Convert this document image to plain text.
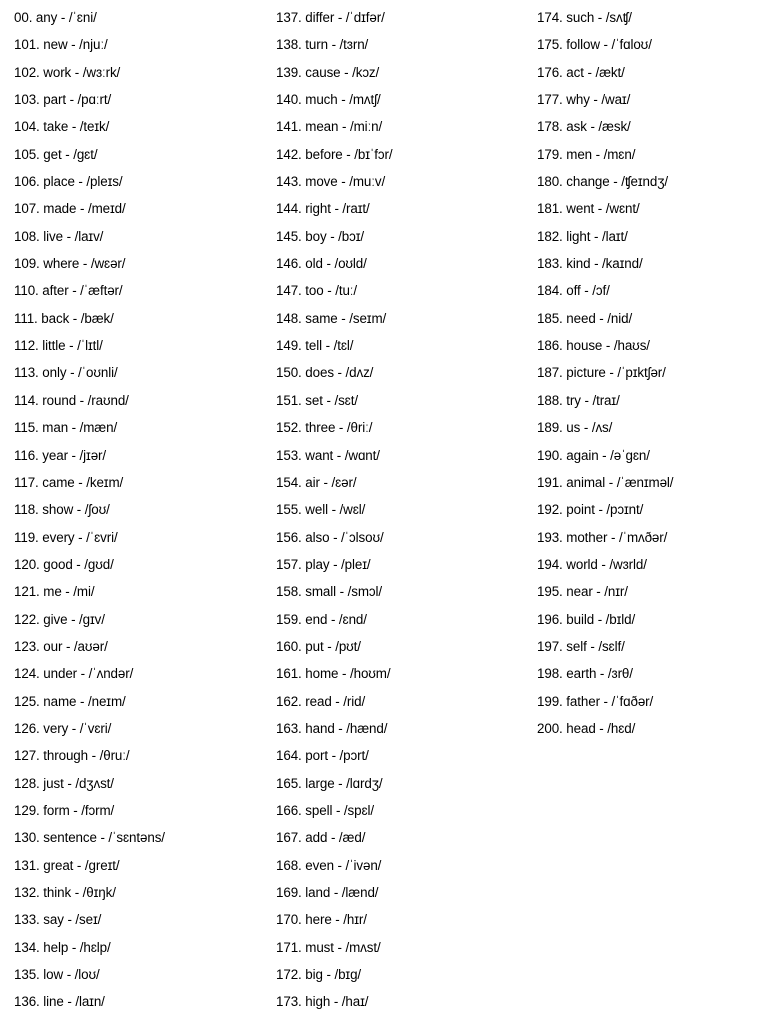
00. any - /ˈɛni/
101. new - /njuː/
102. work - /wɜːrk/
103. part - /pɑːrt/
104. take - /teɪk/
105. get - /gɛt/
106. place - /pleɪs/
107. made - /meɪd/
108. live - /laɪv/
109. where - /wɛər/
110. after - /ˈæftər/
111. back - /bæk/
112. little - /ˈlɪtl/
113. only - /ˈoʊnli/
114. round - /raʊnd/
115. man - /mæn/
116. year - /jɪər/
117. came - /keɪm/
118. show - /ʃoʊ/
119. every - /ˈɛvri/
120. good - /gʊd/
121. me - /mi/
122. give - /gɪv/
123. our - /aʊər/
124. under - /ˈʌndər/
125. name - /neɪm/
126. very - /ˈvɛri/
127. through - /θruː/
128. just - /dʒʌst/
129. form - /fɔrm/
130. sentence - /ˈsɛntəns/
131. great - /greɪt/
132. think - /θɪŋk/
133. say - /seɪ/
134. help - /hɛlp/
135. low - /loʊ/
136. line - /laɪn/
137. differ - /ˈdɪfər/
138. turn - /tɜrn/
139. cause - /kɔz/
140. much - /mʌtʃ/
141. mean - /miːn/
142. before - /bɪˈfɔr/
143. move - /muːv/
144. right - /raɪt/
145. boy - /bɔɪ/
146. old - /oʊld/
147. too - /tuː/
148. same - /seɪm/
149. tell - /tɛl/
150. does - /dʌz/
151. set - /sɛt/
152. three - /θriː/
153. want - /wɑnt/
154. air - /ɛər/
155. well - /wɛl/
156. also - /ˈɔlsoʊ/
157. play - /pleɪ/
158. small - /smɔl/
159. end - /ɛnd/
160. put - /pʊt/
161. home - /hoʊm/
162. read - /rid/
163. hand - /hænd/
164. port - /pɔrt/
165. large - /lɑrdʒ/
166. spell - /spɛl/
167. add - /æd/
168. even - /ˈivən/
169. land - /lænd/
170. here - /hɪr/
171. must - /mʌst/
172. big - /bɪg/
173. high - /haɪ/
174. such - /sʌʧ/
175. follow - /ˈfɑloʊ/
176. act - /ækt/
177. why - /waɪ/
178. ask - /æsk/
179. men - /mɛn/
180. change - /ʧeɪndʒ/
181. went - /wɛnt/
182. light - /laɪt/
183. kind - /kaɪnd/
184. off - /ɔf/
185. need - /nid/
186. house - /haʊs/
187. picture - /ˈpɪktʃər/
188. try - /traɪ/
189. us - /ʌs/
190. again - /əˈgɛn/
191. animal - /ˈænɪməl/
192. point - /pɔɪnt/
193. mother - /ˈmʌðər/
194. world - /wɜrld/
195. near - /nɪr/
196. build - /bɪld/
197. self - /sɛlf/
198. earth - /ɜrθ/
199. father - /ˈfɑðər/
200. head - /hɛd/
